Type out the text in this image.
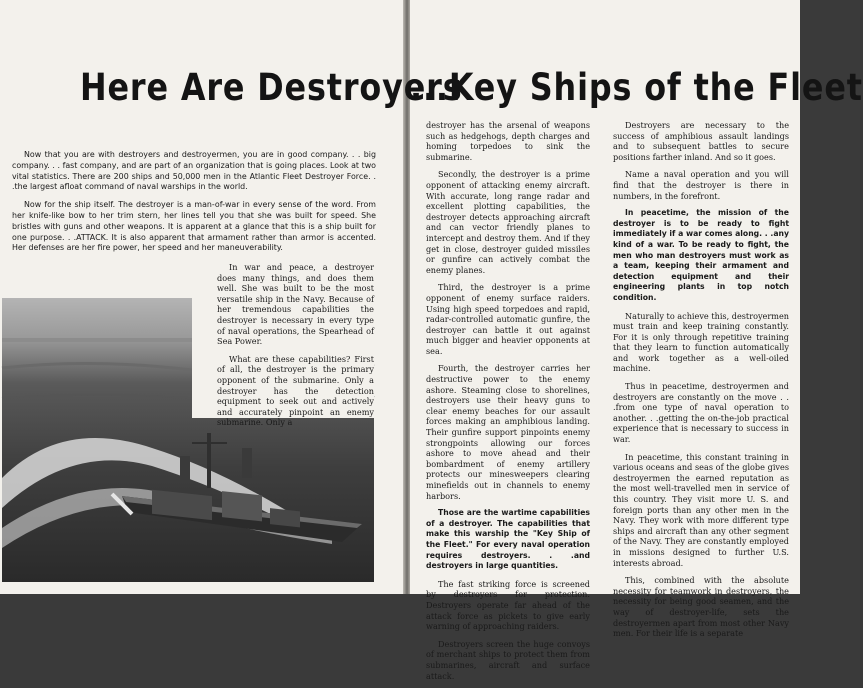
Now that you are with destroyers and destroyermen, you are in good company. . . big company. . . fast company, and are part of an organization that is going places. Look at two vital statistics. There are 200 ships and 50,000 men in the Atlantic Fleet Destroyer Force. . .the largest afloat command of naval warships in the world.

Now for the ship itself. The destroyer is a man-of-war in every sense of the word. From her knife-like bow to her trim stern, her lines tell you that she was built for speed. She bristles with guns and other weapons. It is apparent at a glance that this is a ship built for one purpose. . .ATTACK. It is also apparent that armament rather than armor is accented. Her defenses are her fire power, her speed and her maneuverability.

In war and peace, a destroyer does many things, and does them well. She was built to be the most versatile ship in the Navy. Because of her tremendous capabilities the destroyer is necessary in every type of naval operations, the Spearhead of Sea Power.

What are these capabilities? First of all, the destroyer is the primary opponent of the submarine. Only a destroyer has the detection equipment to seek out and actively and accurately pinpoint an enemy submarine. Only a

destroyer has the arsenal of weapons such as hedgehogs, depth charges and homing torpedoes to sink the submarine.

Secondly, the destroyer is a prime opponent of attacking enemy aircraft. With accurate, long range radar and excellent plotting capabilities, the destroyer detects approaching aircraft and can vector friendly planes to intercept and destroy them. And if they get in close, destroyer guided missiles or gunfire can actively combat the enemy planes.

Third, the destroyer is a prime opponent of enemy surface raiders. Using high speed torpedoes and rapid, radar-controlled automatic gunfire, the destroyer can battle it out against much bigger and heavier opponents at sea.

Fourth, the destroyer carries her destructive power to the enemy ashore. Steaming close to shorelines, destroyers use their heavy guns to clear enemy beaches for our assault forces making an amphibious landing. Their gunfire support pinpoints enemy strongpoints allowing our forces ashore to move ahead and their bombardment of enemy artillery protects our minesweepers clearing minefields out in channels to enemy harbors.

Those are the wartime capabilities of a destroyer. The capabilities that make this warship the "Key Ship of the Fleet." For every naval operation requires destroyers. . .and destroyers in large quantities.

The fast striking force is screened by destroyers for protection. Destroyers operate far ahead of the attack force as pickets to give early warning of approaching raiders.

Destroyers screen the huge convoys of merchant ships to protect them from submarines, aircraft and surface attack.

Destroyers are necessary to the success of amphibious assault landings and to subsequent battles to secure positions farther inland. And so it goes.

Name a naval operation and you will find that the destroyer is there in numbers, in the forefront.

In peacetime, the mission of the destroyer is to be ready to fight immediately if a war comes along. . .any kind of a war. To be ready to fight, the men who man destroyers must work as a team, keeping their armament and detection equipment and their engineering plants in top notch condition.

Naturally to achieve this, destroyermen must train and keep training constantly. For it is only through repetitive training that they learn to function automatically and work together as a well-oiled machine.

Thus in peacetime, destroyermen and destroyers are constantly on the move . . .from one type of naval operation to another. . .getting the on-the-job practical experience that is necessary to success in war.

In peacetime, this constant training in various oceans and seas of the globe gives destroyermen the earned reputation as the most well-travelled men in service of this country. They visit more U. S. and foreign ports than any other men in the Navy. They work with more different type ships and aircraft than any other segment of the Navy. They are constantly employed in missions designed to further U.S. interests abroad.

This, combined with the absolute necessity for teamwork in destroyers, the necessity for being good seamen, and the way of destroyer-life, sets the destroyermen apart from most other Navy men. For their life is a separate

Here Are Destroyers
...Key Ships of the Fleet
